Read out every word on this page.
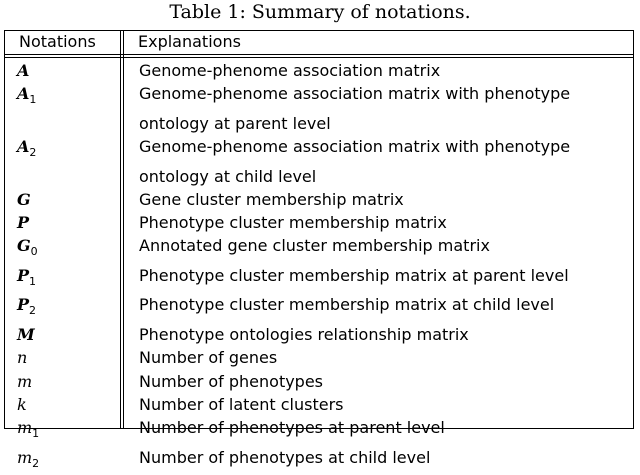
Table 1: Summary of notations.
Notations	Explanations
A	Genome-phenome association matrix
$A_1$	Genome-phenome association matrix with phenotype
ontology at parent level
$A_2$	Genome-phenome association matrix with phenotype
ontology at child level
G	Gene cluster membership matrix
P	Phenotype cluster membership matrix
$G_0$	Annotated gene cluster membership matrix
$P_1$	Phenotype cluster membership matrix at parent level
$P_2$	Phenotype cluster membership matrix at child level
M	Phenotype ontologies relationship matrix
n	Number of genes
m	Number of phenotypes
k	Number of latent clusters
$m_1$	Number of phenotypes at parent level
$m_2$	Number of phenotypes at child level
